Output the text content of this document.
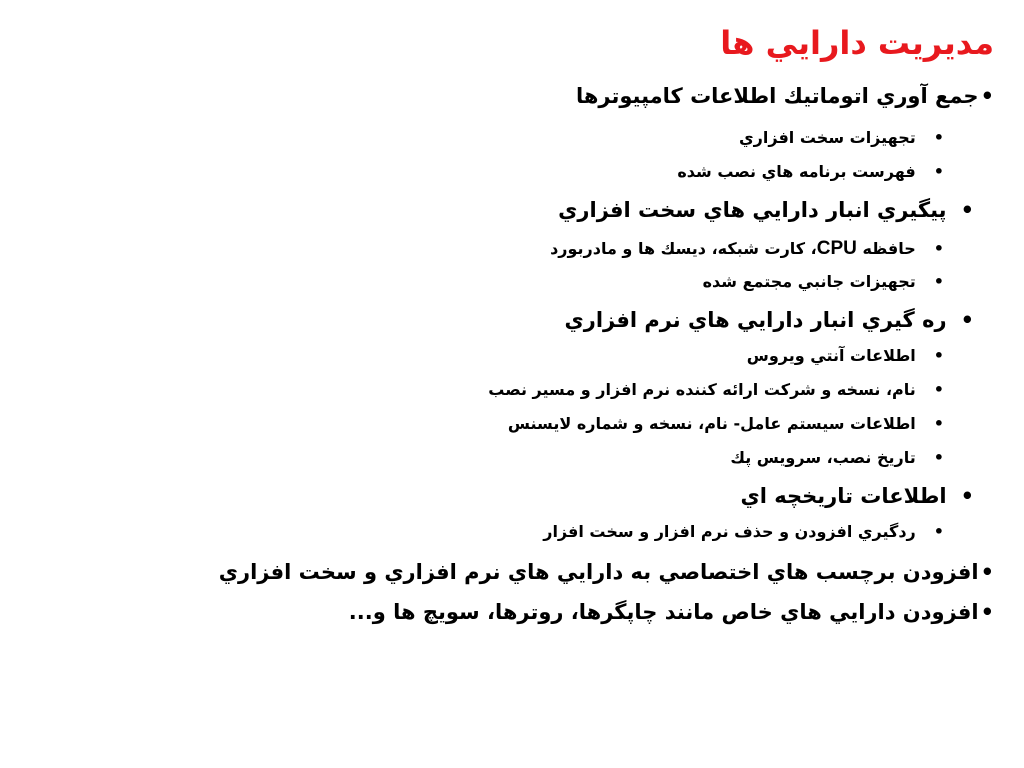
مديريت دارايي ها
•جمع آوري اتوماتيك اطلاعات كامپيوترها
•تجهيزات سخت افزاري
•فهرست برنامه هاي نصب شده
•پيگيري انبار دارايي هاي سخت افزاري
•حافظه CPU، كارت شبكه، ديسك ها و مادربورد
•تجهيزات جانبي مجتمع شده
•ره گيري انبار دارايي هاي نرم افزاري
•اطلاعات آنتي ويروس
•نام، نسخه و شركت ارائه كننده نرم افزار و مسير نصب
•اطلاعات سيستم عامل- نام، نسخه و شماره لايسنس
•تاريخ نصب، سرويس پك
•اطلاعات تاريخچه اي
•ردگيري افزودن و حذف نرم افزار و سخت افزار
•افزودن برچسب هاي اختصاصي به دارايي هاي نرم افزاري و سخت افزاري
•افزودن دارايي هاي خاص مانند چاپگرها، روترها، سويچ ها و...
